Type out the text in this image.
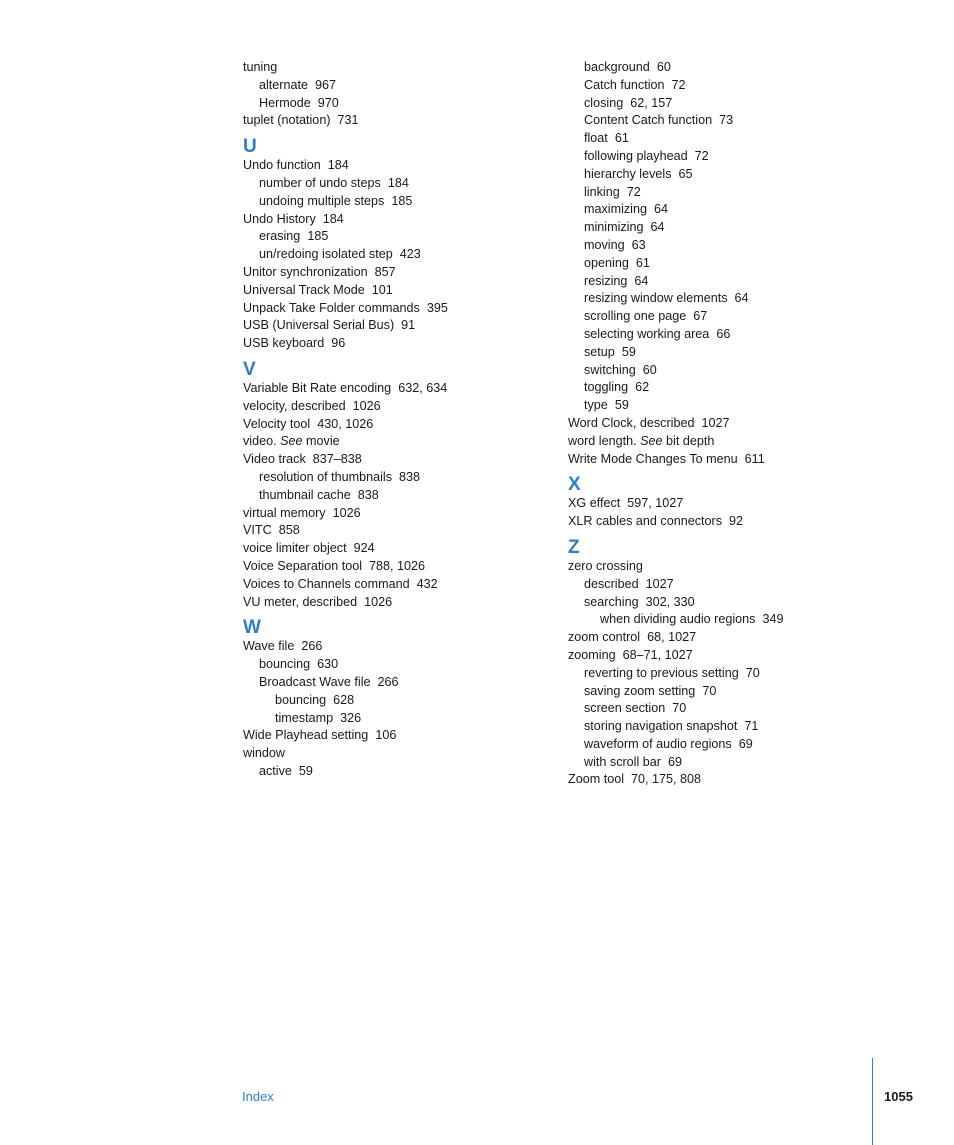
tuning
alternate 967
Hermode 970
tuplet (notation) 731
U
Undo function 184
number of undo steps 184
undoing multiple steps 185
Undo History 184
erasing 185
un/redoing isolated step 423
Unitor synchronization 857
Universal Track Mode 101
Unpack Take Folder commands 395
USB (Universal Serial Bus) 91
USB keyboard 96
V
Variable Bit Rate encoding 632, 634
velocity, described 1026
Velocity tool 430, 1026
video. See movie
Video track 837–838
resolution of thumbnails 838
thumbnail cache 838
virtual memory 1026
VITC 858
voice limiter object 924
Voice Separation tool 788, 1026
Voices to Channels command 432
VU meter, described 1026
W
Wave file 266
bouncing 630
Broadcast Wave file 266
bouncing 628
timestamp 326
Wide Playhead setting 106
window
active 59
background 60
Catch function 72
closing 62, 157
Content Catch function 73
float 61
following playhead 72
hierarchy levels 65
linking 72
maximizing 64
minimizing 64
moving 63
opening 61
resizing 64
resizing window elements 64
scrolling one page 67
selecting working area 66
setup 59
switching 60
toggling 62
type 59
Word Clock, described 1027
word length. See bit depth
Write Mode Changes To menu 611
X
XG effect 597, 1027
XLR cables and connectors 92
Z
zero crossing
described 1027
searching 302, 330
when dividing audio regions 349
zoom control 68, 1027
zooming 68–71, 1027
reverting to previous setting 70
saving zoom setting 70
screen section 70
storing navigation snapshot 71
waveform of audio regions 69
with scroll bar 69
Zoom tool 70, 175, 808
Index	1055
